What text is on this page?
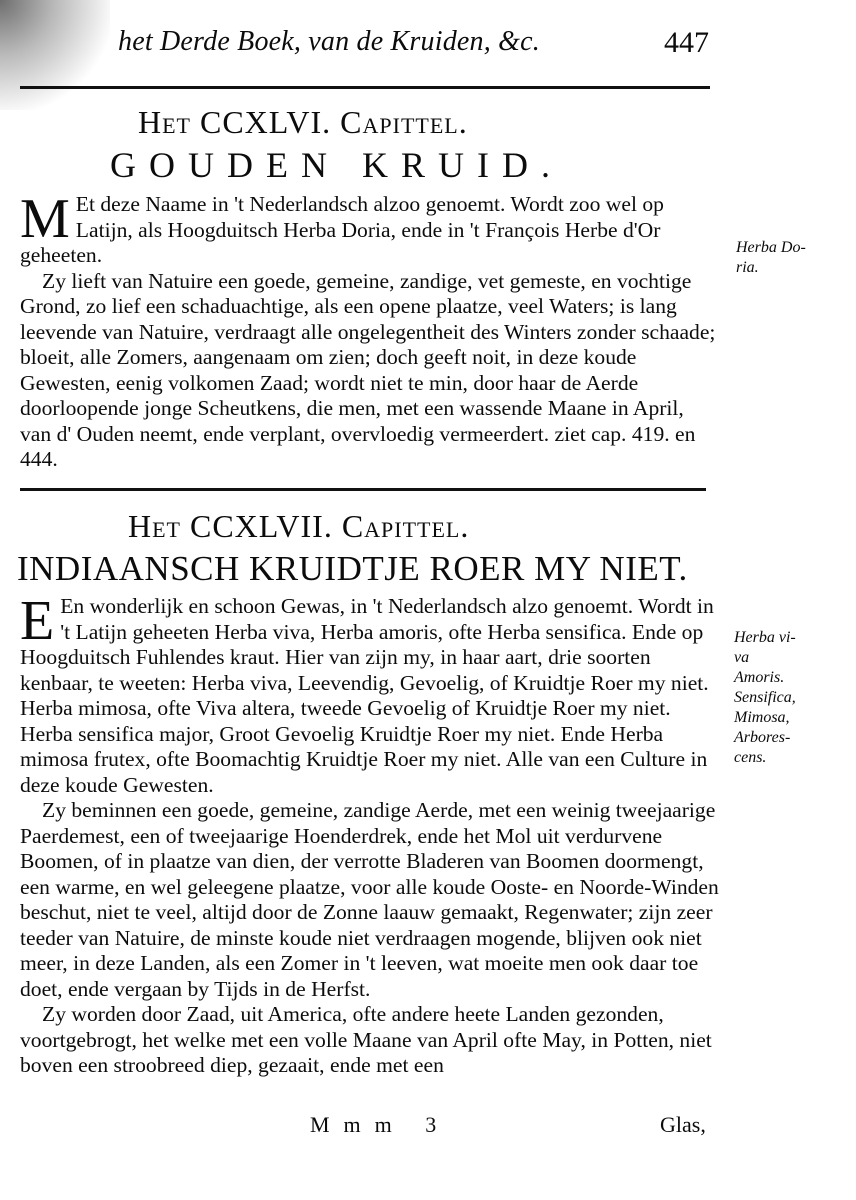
het Derde Boek, van de Kruiden, &c.	447
Het CCXLVI. Capittel.
GOUDEN KRUID.

M Et deze Naame in 't Nederlandsch alzoo genoemt. Wordt zoo wel op Latijn, als Hoogduitsch Herba Doria, ende in 't François Herbe d'Or geheeten.

Zy lieft van Natuire een goede, gemeine, zandige, vet gemeste, en vochtige Grond, zo lief een schaduachtige, als een opene plaatze, veel Waters; is lang leevende van Natuire, verdraagt alle ongelegentheit des Winters zonder schaade; bloeit, alle Zomers, aangenaam om zien; doch geeft noit, in deze koude Gewesten, eenig volkomen Zaad; wordt niet te min, door haar de Aerde doorloopende jonge Scheutkens, die men, met een wassende Maane in April, van d' Ouden neemt, ende verplant, overvloedig vermeerdert. ziet cap. 419. en 444.

Herba Do-
ria.
Het CCXLVII. Capittel.
INDIAANSCH KRUIDTJE ROER MY NIET.

E En wonderlijk en schoon Gewas, in 't Nederlandsch alzo genoemt. Wordt in 't Latijn geheeten Herba viva, Herba amoris, ofte Herba sensifica. Ende op Hoogduitsch Fuhlendes kraut. Hier van zijn my, in haar aart, drie soorten kenbaar, te weeten: Herba viva, Leevendig, Gevoelig, of Kruidtje Roer my niet. Herba mimosa, ofte Viva altera, tweede Gevoelig of Kruidtje Roer my niet. Herba sensifica major, Groot Gevoelig Kruidtje Roer my niet. Ende Herba mimosa frutex, ofte Boomachtig Kruidtje Roer my niet. Alle van een Culture in deze koude Gewesten.

Zy beminnen een goede, gemeine, zandige Aerde, met een weinig tweejaarige Paerdemest, een of tweejaarige Hoenderdrek, ende het Mol uit verdurvene Boomen, of in plaatze van dien, der verrotte Bladeren van Boomen doormengt, een warme, en wel geleegene plaatze, voor alle koude Ooste- en Noorde-Winden beschut, niet te veel, altijd door de Zonne laauw gemaakt, Regenwater; zijn zeer teeder van Natuire, de minste koude niet verdraagen mogende, blijven ook niet meer, in deze Landen, als een Zomer in 't leeven, wat moeite men ook daar toe doet, ende vergaan by Tijds in de Herfst.

Zy worden door Zaad, uit America, ofte andere heete Landen gezonden, voortgebrogt, het welke met een volle Maane van April ofte May, in Potten, niet boven een stroobreed diep, gezaait, ende met een

Herba vi-
va
Amoris.
Sensifica,
Mimosa,
Arbores-
cens.
Mmm 3	Glas,
